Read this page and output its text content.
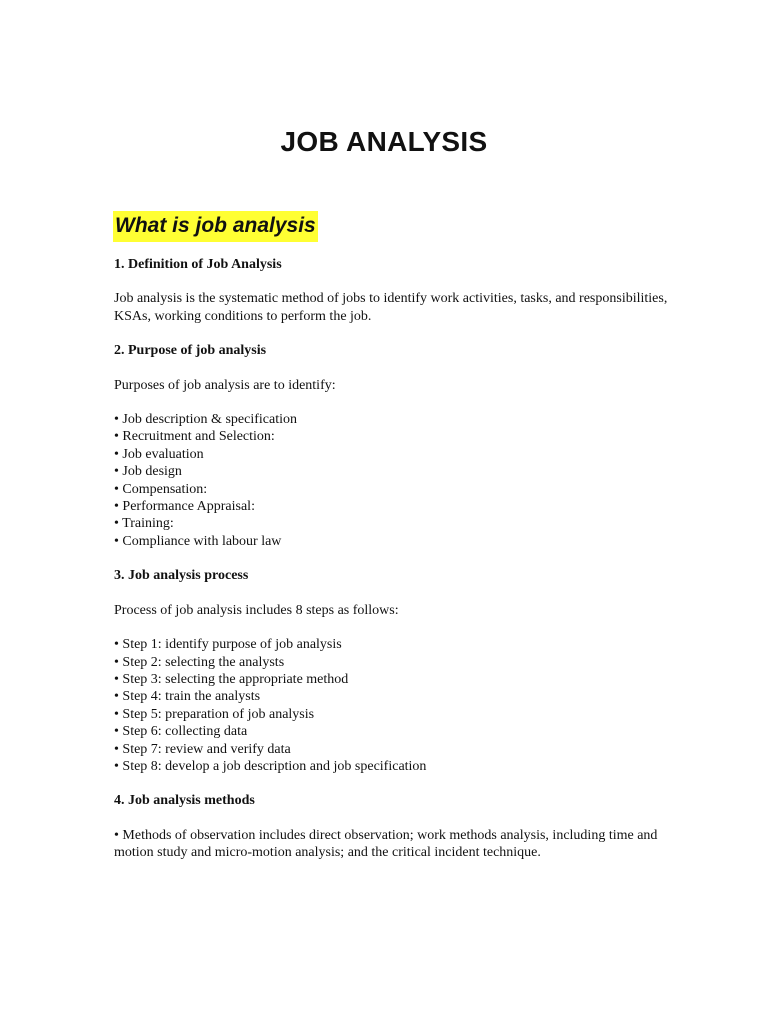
JOB ANALYSIS
What is job analysis

1. Definition of Job Analysis

Job analysis is the systematic method of jobs to identify work activities, tasks, and responsibilities, KSAs, working conditions to perform the job.

2. Purpose of job analysis

Purposes of job analysis are to identify:

• Job description & specification
• Recruitment and Selection:
• Job evaluation
• Job design
• Compensation:
• Performance Appraisal:
• Training:
• Compliance with labour law

3. Job analysis process

Process of job analysis includes 8 steps as follows:

• Step 1: identify purpose of job analysis
• Step 2: selecting the analysts
• Step 3: selecting the appropriate method
• Step 4: train the analysts
• Step 5: preparation of job analysis
• Step 6: collecting data
• Step 7: review and verify data
• Step 8: develop a job description and job specification

4. Job analysis methods

• Methods of observation includes direct observation; work methods analysis, including time and motion study and micro-motion analysis; and the critical incident technique.
